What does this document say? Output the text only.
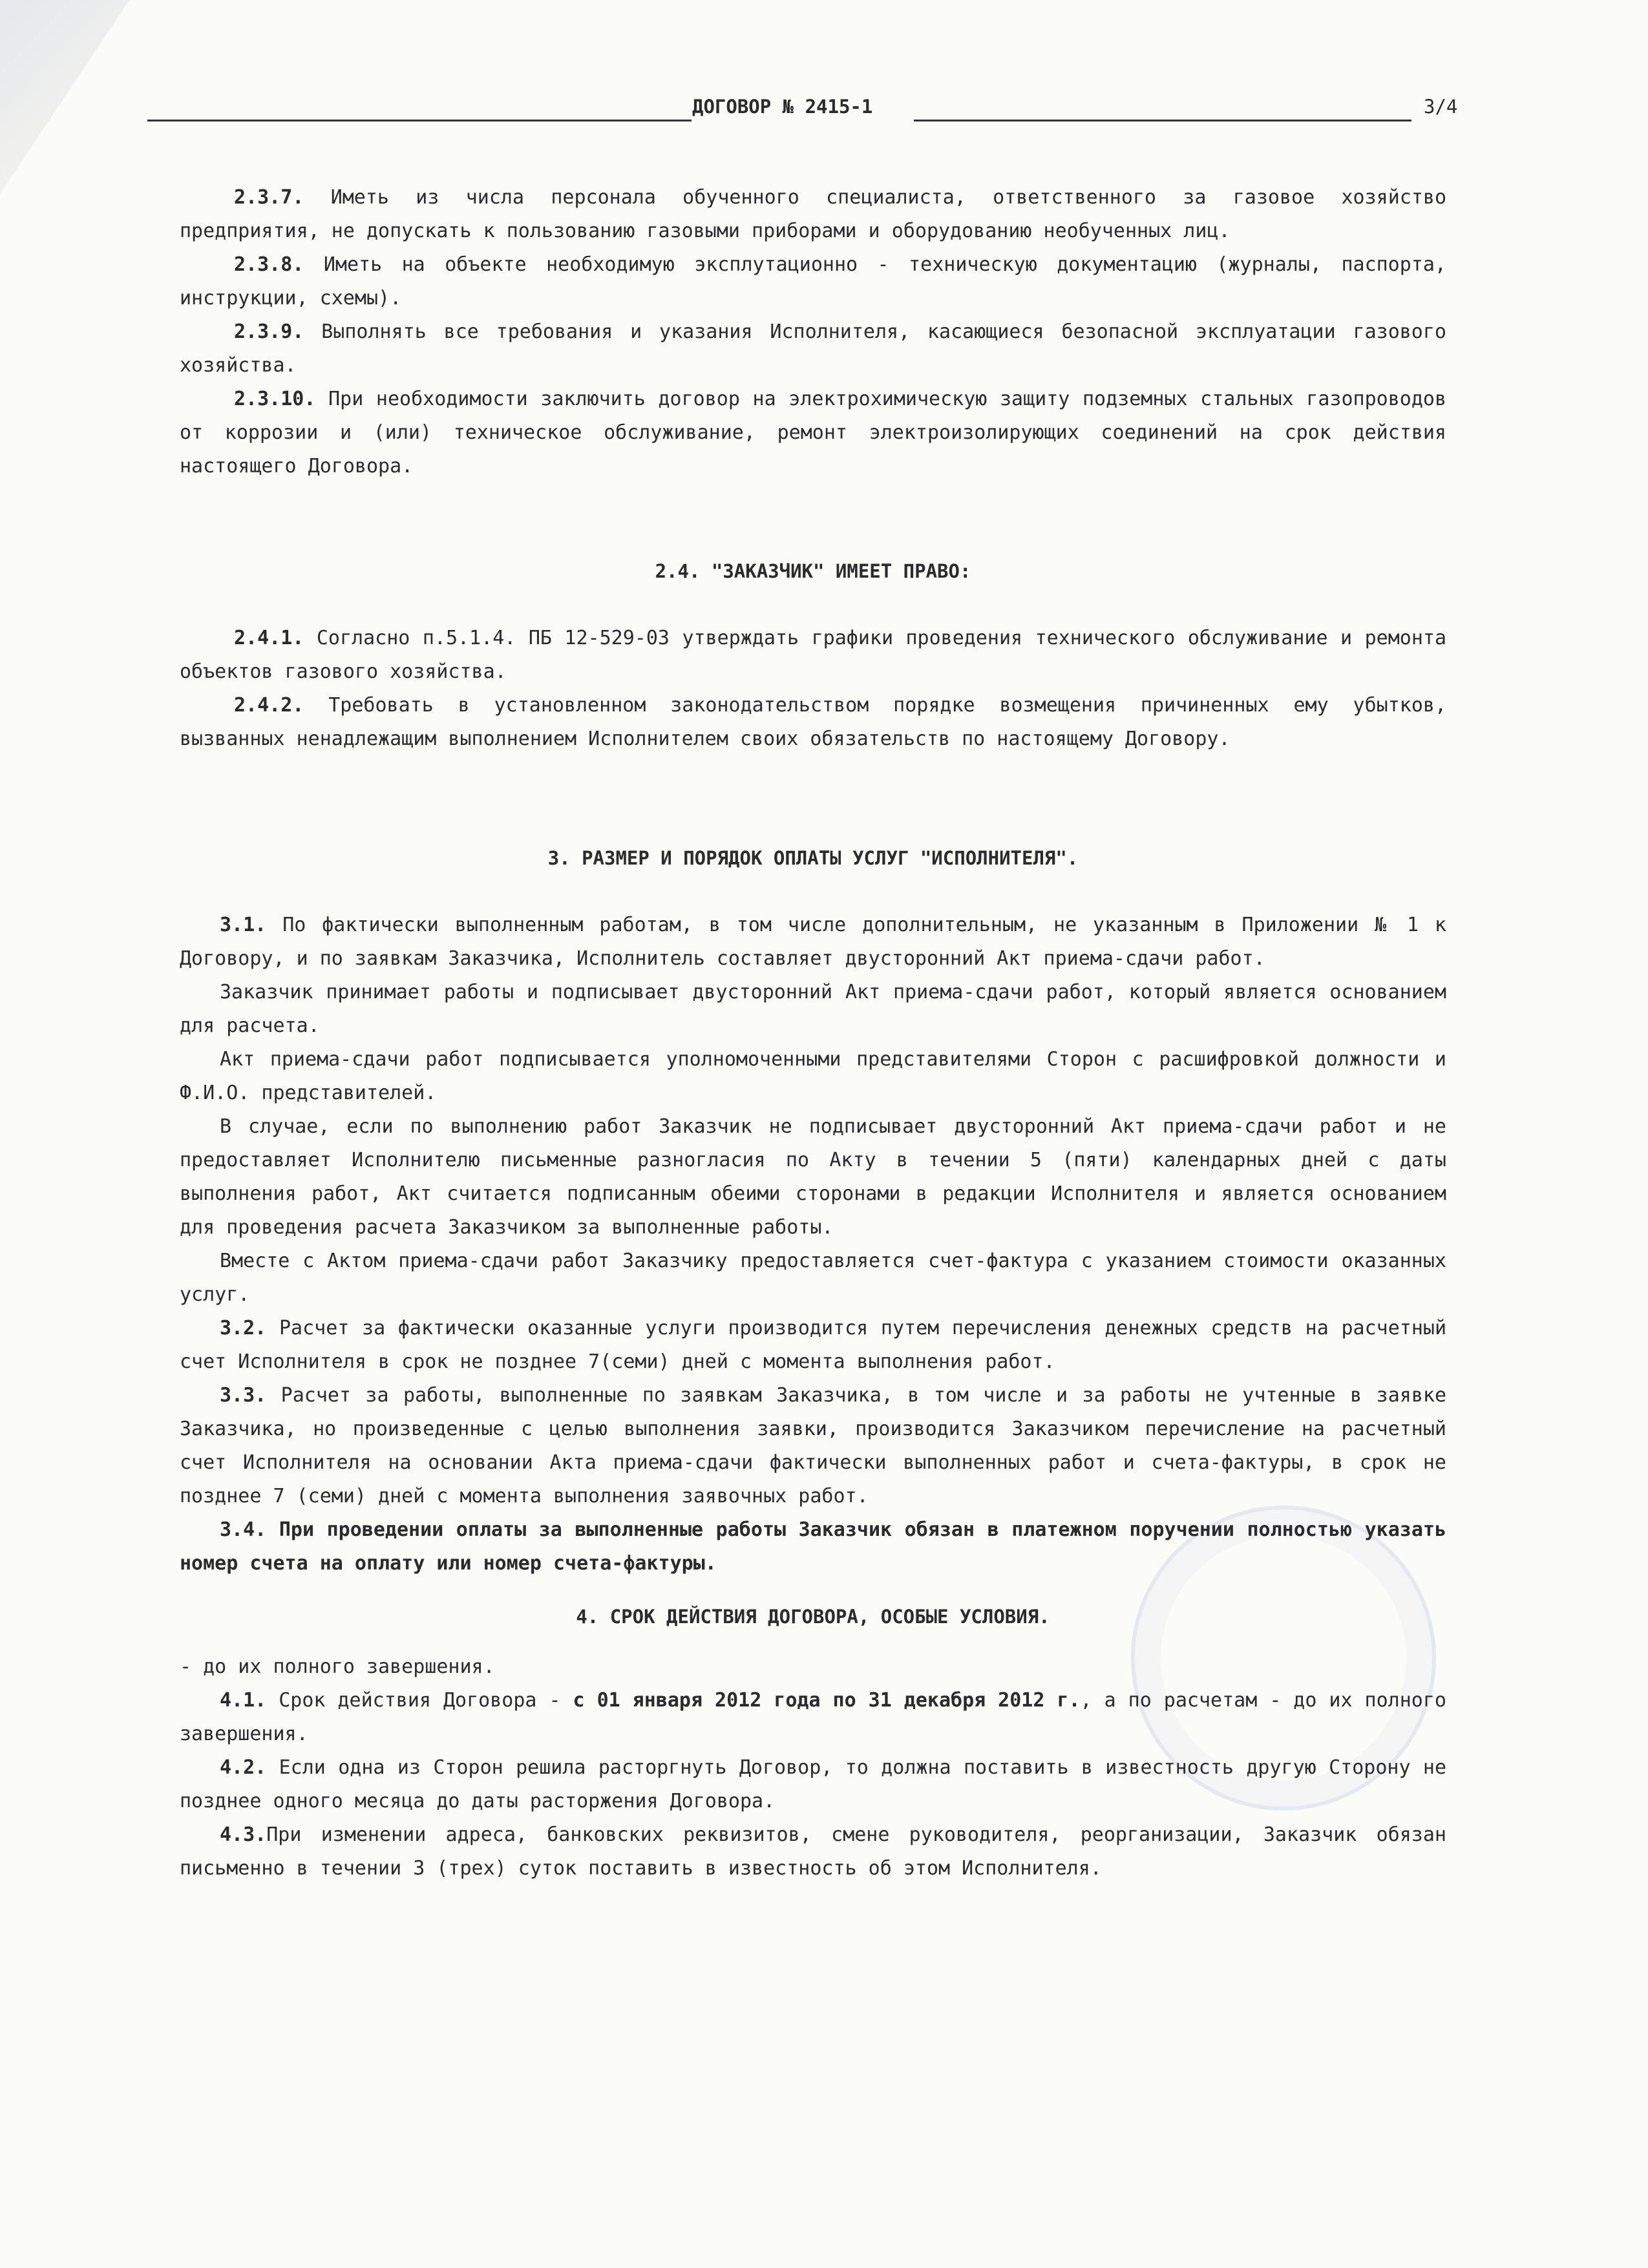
ДОГОВОР № 2415-1	3/4

2.3.7. Иметь из числа персонала обученного специалиста, ответственного за газовое хозяйство предприятия, не допускать к пользованию газовыми приборами и оборудованию необученных лиц.

2.3.8. Иметь на объекте необходимую эксплутационно - техническую документацию (журналы, паспорта, инструкции, схемы).

2.3.9. Выполнять все требования и указания Исполнителя, касающиеся безопасной эксплуатации газового хозяйства.

2.3.10. При необходимости заключить договор на электрохимическую защиту подземных стальных газопроводов от коррозии и (или) техническое обслуживание, ремонт электроизолирующих соединений на срок действия настоящего Договора.

2.4. "ЗАКАЗЧИК" ИМЕЕТ ПРАВО:

2.4.1. Согласно п.5.1.4. ПБ 12-529-03 утверждать графики проведения технического обслуживание и ремонта объектов газового хозяйства.

2.4.2. Требовать в установленном законодательством порядке возмещения причиненных ему убытков, вызванных ненадлежащим выполнением Исполнителем своих обязательств по настоящему Договору.

3. РАЗМЕР И ПОРЯДОК ОПЛАТЫ УСЛУГ "ИСПОЛНИТЕЛЯ".

3.1. По фактически выполненным работам, в том числе дополнительным, не указанным в Приложении № 1 к Договору, и по заявкам Заказчика, Исполнитель составляет двусторонний Акт приема-сдачи работ.

Заказчик принимает работы и подписывает двусторонний Акт приема-сдачи работ, который является основанием для расчета.

Акт приема-сдачи работ подписывается уполномоченными представителями Сторон с расшифровкой должности и Ф.И.О. представителей.

В случае, если по выполнению работ Заказчик не подписывает двусторонний Акт приема-сдачи работ и не предоставляет Исполнителю письменные разногласия по Акту в течении 5 (пяти) календарных дней с даты выполнения работ, Акт считается подписанным обеими сторонами в редакции Исполнителя и является основанием для проведения расчета Заказчиком за выполненные работы.

Вместе с Актом приема-сдачи работ Заказчику предоставляется счет-фактура с указанием стоимости оказанных услуг.

3.2. Расчет за фактически оказанные услуги производится путем перечисления денежных средств на расчетный счет Исполнителя в срок не позднее 7(семи) дней с момента выполнения работ.

3.3. Расчет за работы, выполненные по заявкам Заказчика, в том числе и за работы не учтенные в заявке Заказчика, но произведенные с целью выполнения заявки, производится Заказчиком перечисление на расчетный счет Исполнителя на основании Акта приема-сдачи фактически выполненных работ и счета-фактуры, в срок не позднее 7 (семи) дней с момента выполнения заявочных работ.

3.4. При проведении оплаты за выполненные работы Заказчик обязан в платежном поручении полностью указать номер счета на оплату или номер счета-фактуры.

4. СРОК ДЕЙСТВИЯ ДОГОВОРА, ОСОБЫЕ УСЛОВИЯ.

- до их полного завершения.

4.1. Срок действия Договора - с 01 января 2012 года по 31 декабря 2012 г., а по расчетам - до их полного завершения.

4.2. Если одна из Сторон решила расторгнуть Договор, то должна поставить в известность другую Сторону не позднее одного месяца до даты расторжения Договора.

4.3.При изменении адреса, банковских реквизитов, смене руководителя, реорганизации, Заказчик обязан письменно в течении 3 (трех) суток поставить в известность об этом Исполнителя.
